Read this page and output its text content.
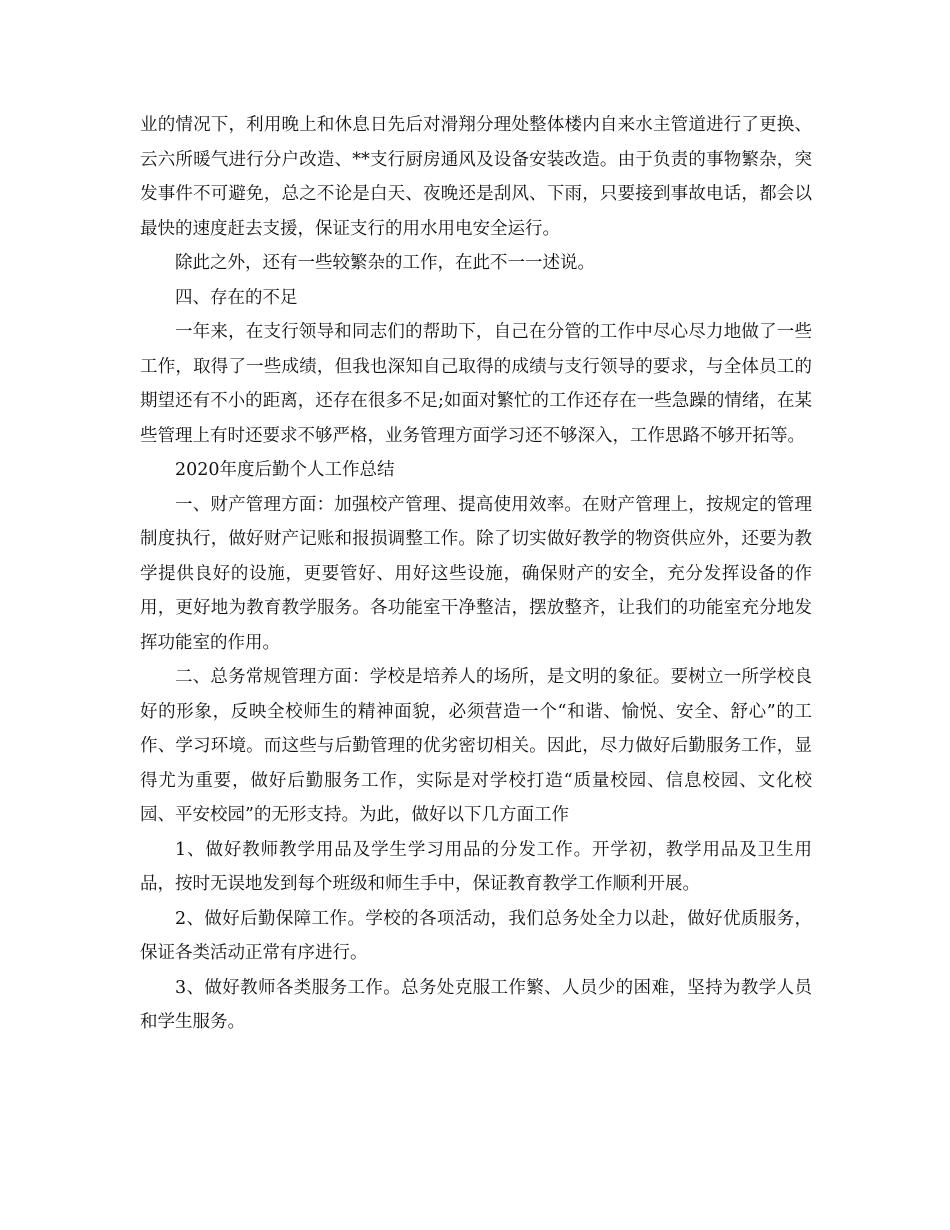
业的情况下，利用晚上和休息日先后对滑翔分理处整体楼内自来水主管道进行了更换、云六所暖气进行分户改造、**支行厨房通风及设备安装改造。由于负责的事物繁杂，突发事件不可避免，总之不论是白天、夜晚还是刮风、下雨，只要接到事故电话，都会以最快的速度赶去支援，保证支行的用水用电安全运行。

除此之外，还有一些较繁杂的工作，在此不一一述说。

四、存在的不足

一年来，在支行领导和同志们的帮助下，自己在分管的工作中尽心尽力地做了一些工作，取得了一些成绩，但我也深知自己取得的成绩与支行领导的要求，与全体员工的期望还有不小的距离，还存在很多不足;如面对繁忙的工作还存在一些急躁的情绪，在某些管理上有时还要求不够严格，业务管理方面学习还不够深入，工作思路不够开拓等。

2020年度后勤个人工作总结

一、财产管理方面：加强校产管理、提高使用效率。在财产管理上，按规定的管理制度执行，做好财产记账和报损调整工作。除了切实做好教学的物资供应外，还要为教学提供良好的设施，更要管好、用好这些设施，确保财产的安全，充分发挥设备的作用，更好地为教育教学服务。各功能室干净整洁，摆放整齐，让我们的功能室充分地发挥功能室的作用。

二、总务常规管理方面：学校是培养人的场所，是文明的象征。要树立一所学校良好的形象，反映全校师生的精神面貌，必须营造一个“和谐、愉悦、安全、舒心”的工作、学习环境。而这些与后勤管理的优劣密切相关。因此，尽力做好后勤服务工作，显得尤为重要，做好后勤服务工作，实际是对学校打造“质量校园、信息校园、文化校园、平安校园”的无形支持。为此，做好以下几方面工作

1、做好教师教学用品及学生学习用品的分发工作。开学初，教学用品及卫生用品，按时无误地发到每个班级和师生手中，保证教育教学工作顺利开展。

2、做好后勤保障工作。学校的各项活动，我们总务处全力以赴，做好优质服务，保证各类活动正常有序进行。

3、做好教师各类服务工作。总务处克服工作繁、人员少的困难，坚持为教学人员和学生服务。
